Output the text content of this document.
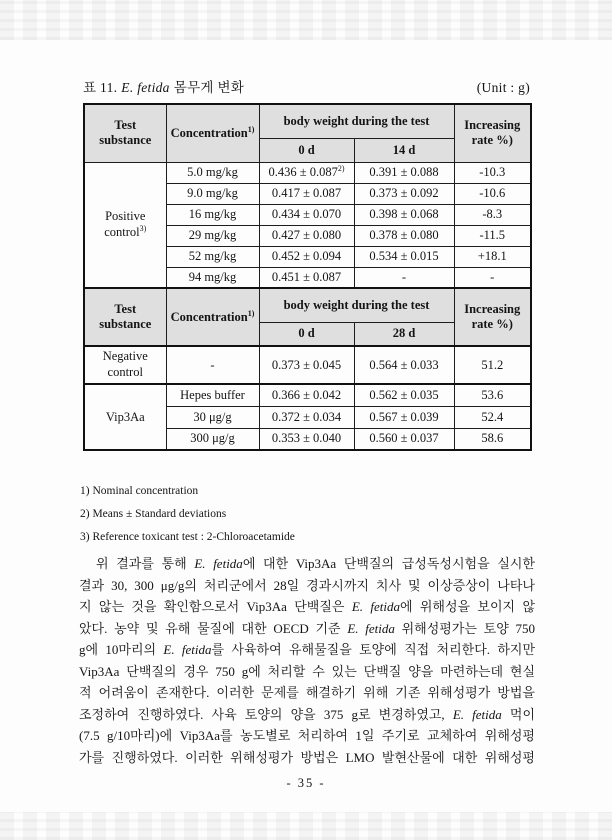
표 11. E. fetida 몸무게 변화	(Unit : g)
Test substance	Concentration$^{1)}$	body weight during the test		Increasing
rate %)

		0 d	14 d	

Positive
control$^{3)}$	5.0 mg/kg	$0.436 \pm 0.087^{2)}$	0.391 ± 0.088	-10.3
	9.0 mg/kg	0.417 ± 0.087	0.373 ± 0.092	-10.6
	16 mg/kg	0.434 ± 0.070	0.398 ± 0.068	-8.3
	29 mg/kg	0.427 ± 0.080	0.378 ± 0.080	-11.5
	52 mg/kg	0.452 ± 0.094	0.534 ± 0.015	+18.1
	94 mg/kg	0.451 ± 0.087	-	-
Test substance	Concentration$^{1)}$	body weight during the test		Increasing
rate %)

		0 d	28 d	

Negative
control	-	0.373 ± 0.045	0.564 ± 0.033	51.2
Vip3Aa	Hepes buffer	0.366 ± 0.042	0.562 ± 0.035	53.6
	30 μg/g	0.372 ± 0.034	0.567 ± 0.039	52.4
	300 μg/g	0.353 ± 0.040	0.560 ± 0.037	58.6
1) Nominal concentration
2) Means ± Standard deviations
3) Reference toxicant test : 2-Chloroacetamide
위 결과를 통해 E. fetida에 대한 Vip3Aa 단백질의 급성독성시험을 실시한
결과 30, 300 μg/g의 처리군에서 28일 경과시까지 치사 및 이상증상이 나타나
지 않는 것을 확인함으로서 Vip3Aa 단백질은 E. fetida에 위해성을 보이지 않
았다. 농약 및 유해 물질에 대한 OECD 기준 E. fetida 위해성평가는 토양 750
g에 10마리의 E. fetida를 사육하여 유해물질을 토양에 직접 처리한다. 하지만
Vip3Aa 단백질의 경우 750 g에 처리할 수 있는 단백질 양을 마련하는데 현실
적 어려움이 존재한다. 이러한 문제를 해결하기 위해 기존 위해성평가 방법을
조정하여 진행하였다. 사육 토양의 양을 375 g로 변경하였고, E. fetida 먹이
(7.5 g/10마리)에 Vip3Aa를 농도별로 처리하여 1일 주기로 교체하여 위해성평
가를 진행하였다. 이러한 위해성평가 방법은 LMO 발현산물에 대한 위해성평
- 35 -
